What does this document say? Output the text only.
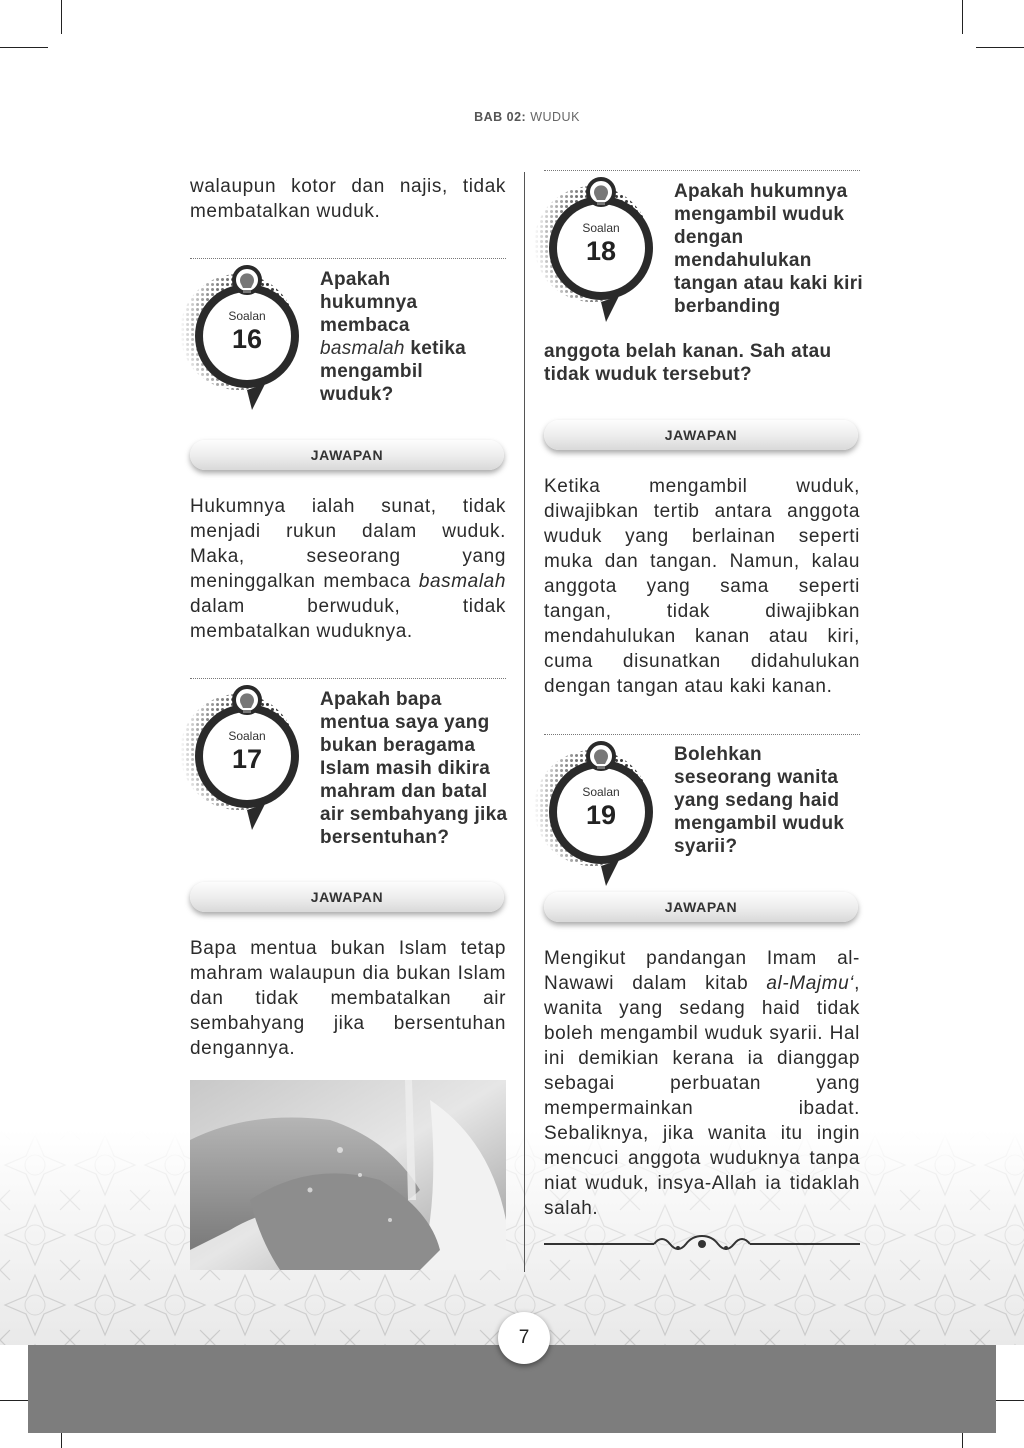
BAB 02: WUDUK
walaupun kotor dan najis, tidak membatalkan wuduk.
Soalan
16
Apakah
hukumnya
membaca
basmalah ketika
mengambil
wuduk?
JAWAPAN
Hukumnya ialah sunat, tidak menjadi rukun dalam wuduk. Maka, seseorang yang meninggalkan membaca basmalah dalam berwuduk, tidak membatalkan wuduknya.
Soalan
17
Apakah bapa mentua saya yang bukan beragama Islam masih dikira mahram dan batal air sembahyang jika bersentuhan?
JAWAPAN
Bapa mentua bukan Islam tetap mahram walaupun dia bukan Islam dan tidak membatalkan air sembahyang jika bersentuhan dengannya.
Soalan
18
Apakah hukumnya mengambil wuduk dengan mendahulukan tangan atau kaki kiri berbanding
anggota belah kanan. Sah atau tidak wuduk tersebut?
JAWAPAN
Ketika mengambil wuduk, diwajibkan tertib antara anggota wuduk yang berlainan seperti muka dan tangan. Namun, kalau anggota yang sama seperti tangan, tidak diwajibkan mendahulukan kanan atau kiri, cuma disunatkan didahulukan dengan tangan atau kaki kanan.
Soalan
19
Bolehkan seseorang wanita yang sedang haid mengambil wuduk syarii?
JAWAPAN
Mengikut pandangan Imam al-Nawawi dalam kitab al-Majmu‘, wanita yang sedang haid tidak boleh mengambil wuduk syarii. Hal ini demikian kerana ia dianggap sebagai perbuatan yang mempermainkan ibadat. Sebaliknya, jika wanita itu ingin mencuci anggota wuduknya tanpa niat wuduk, insya-Allah ia tidaklah salah.
7
